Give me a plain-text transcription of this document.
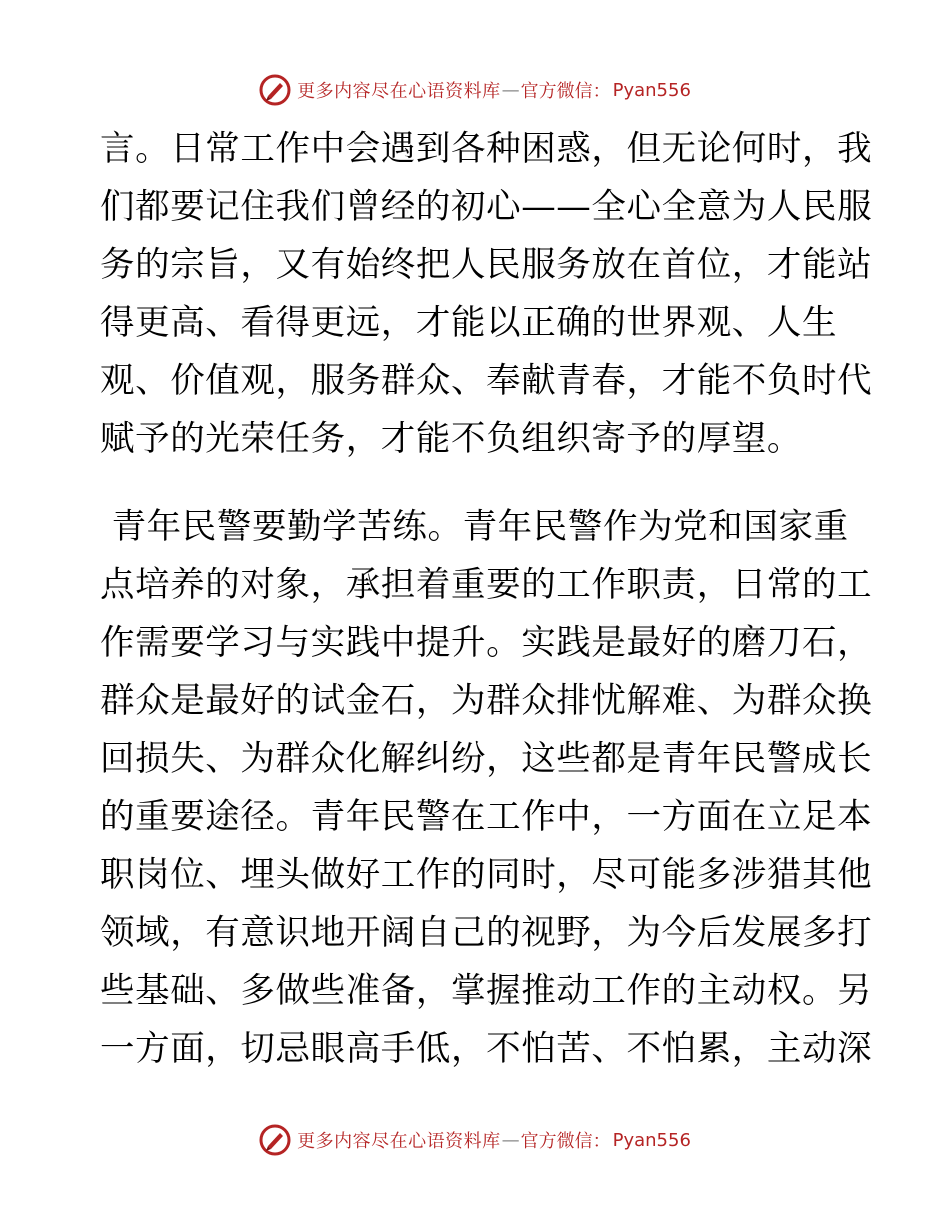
更多内容尽在心语资料库 — 官方微信： Pyan556
言。日常工作中会遇到各种困惑，但无论何时，我
们都要记住我们曾经的初心——全心全意为人民服
务的宗旨，又有始终把人民服务放在首位，才能站
得更高、看得更远，才能以正确的世界观、人生
观、价值观，服务群众、奉献青春，才能不负时代
赋予的光荣任务，才能不负组织寄予的厚望。
青年民警要勤学苦练。青年民警作为党和国家重
点培养的对象，承担着重要的工作职责，日常的工
作需要学习与实践中提升。实践是最好的磨刀石，
群众是最好的试金石，为群众排忧解难、为群众换
回损失、为群众化解纠纷，这些都是青年民警成长
的重要途径。青年民警在工作中，一方面在立足本
职岗位、埋头做好工作的同时，尽可能多涉猎其他
领域，有意识地开阔自己的视野，为今后发展多打
些基础、多做些准备，掌握推动工作的主动权。另
一方面，切忌眼高手低，不怕苦、不怕累，主动深
更多内容尽在心语资料库 — 官方微信： Pyan556
